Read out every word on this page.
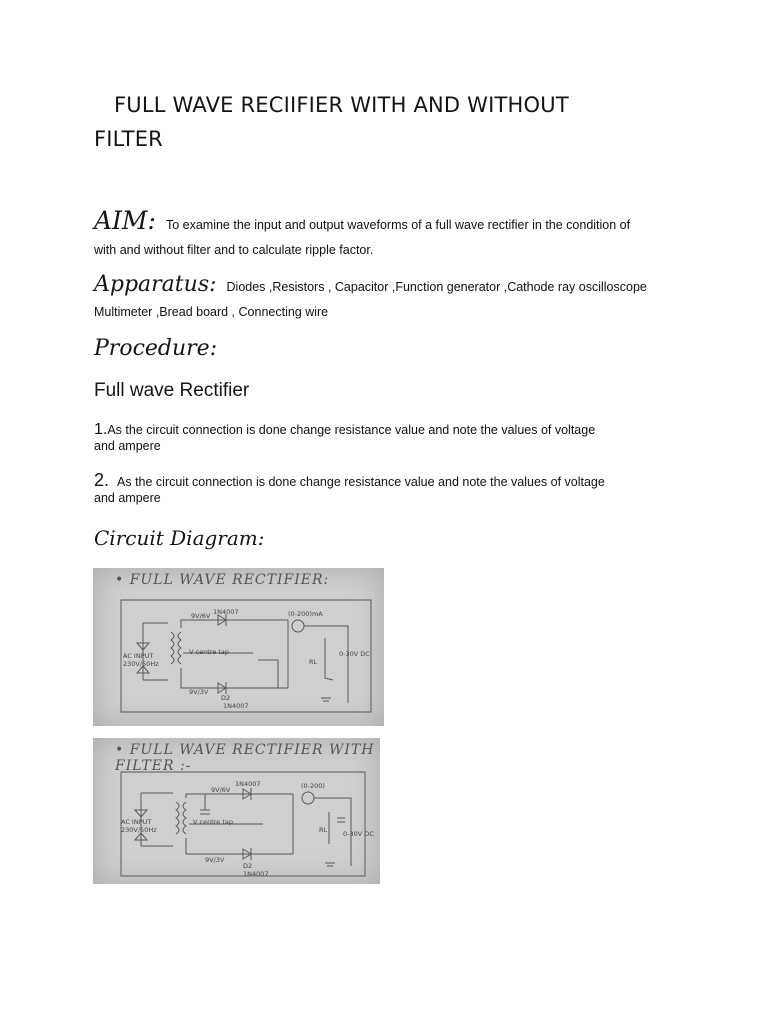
FULL WAVE RECIIFIER WITH AND WITHOUT
FILTER
AIM: To examine the input and output waveforms of a full wave rectifier in the condition of
with and without filter and to calculate ripple factor.
Apparatus: Diodes ,Resistors , Capacitor ,Function generator ,Cathode ray oscilloscope
Multimeter ,Bread board , Connecting wire
Procedure:
Full wave Rectifier
1.As the circuit connection is done change resistance value and note the values of voltage
and ampere
2. As the circuit connection is done change resistance value and note the values of voltage
and ampere
Circuit Diagram:
• FULL WAVE RECTIFIER:
9V/6V 1N4007	(0-200)mA
AC INPUT
230V/50Hz
V centre tap
9V/3V
D2
1N4007
RL
0-30V DC
• FULL WAVE RECTIFIER WITH FILTER :-
9V/6V
1N4007	(0-200)
AC INPUT
230V/50Hz
V centre tap
9V/3V
D2
1N4007
RL 0-30V DC
